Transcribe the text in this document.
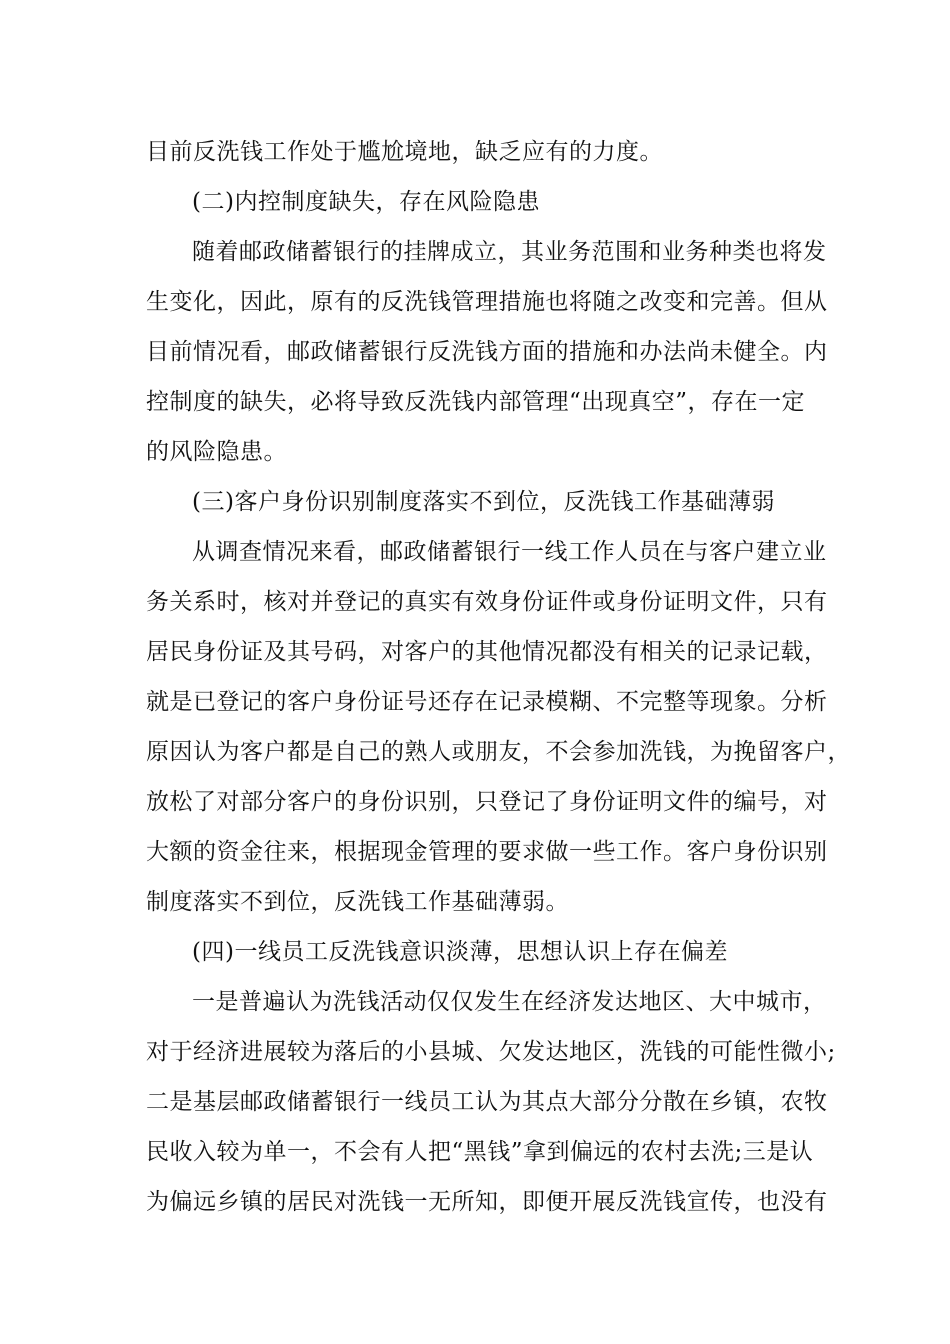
目前反洗钱工作处于尴尬境地，缺乏应有的力度。
(二)内控制度缺失，存在风险隐患
随着邮政储蓄银行的挂牌成立，其业务范围和业务种类也将发
生变化，因此，原有的反洗钱管理措施也将随之改变和完善。但从
目前情况看，邮政储蓄银行反洗钱方面的措施和办法尚未健全。内
控制度的缺失，必将导致反洗钱内部管理“出现真空”，存在一定
的风险隐患。
(三)客户身份识别制度落实不到位，反洗钱工作基础薄弱
从调查情况来看，邮政储蓄银行一线工作人员在与客户建立业
务关系时，核对并登记的真实有效身份证件或身份证明文件，只有
居民身份证及其号码，对客户的其他情况都没有相关的记录记载，
就是已登记的客户身份证号还存在记录模糊、不完整等现象。分析
原因认为客户都是自己的熟人或朋友，不会参加洗钱，为挽留客户，
放松了对部分客户的身份识别，只登记了身份证明文件的编号，对
大额的资金往来，根据现金管理的要求做一些工作。客户身份识别
制度落实不到位，反洗钱工作基础薄弱。
(四)一线员工反洗钱意识淡薄，思想认识上存在偏差
一是普遍认为洗钱活动仅仅发生在经济发达地区、大中城市，
对于经济进展较为落后的小县城、欠发达地区，洗钱的可能性微小;
二是基层邮政储蓄银行一线员工认为其点大部分分散在乡镇，农牧
民收入较为单一，不会有人把“黑钱”拿到偏远的农村去洗;三是认
为偏远乡镇的居民对洗钱一无所知，即便开展反洗钱宣传，也没有
